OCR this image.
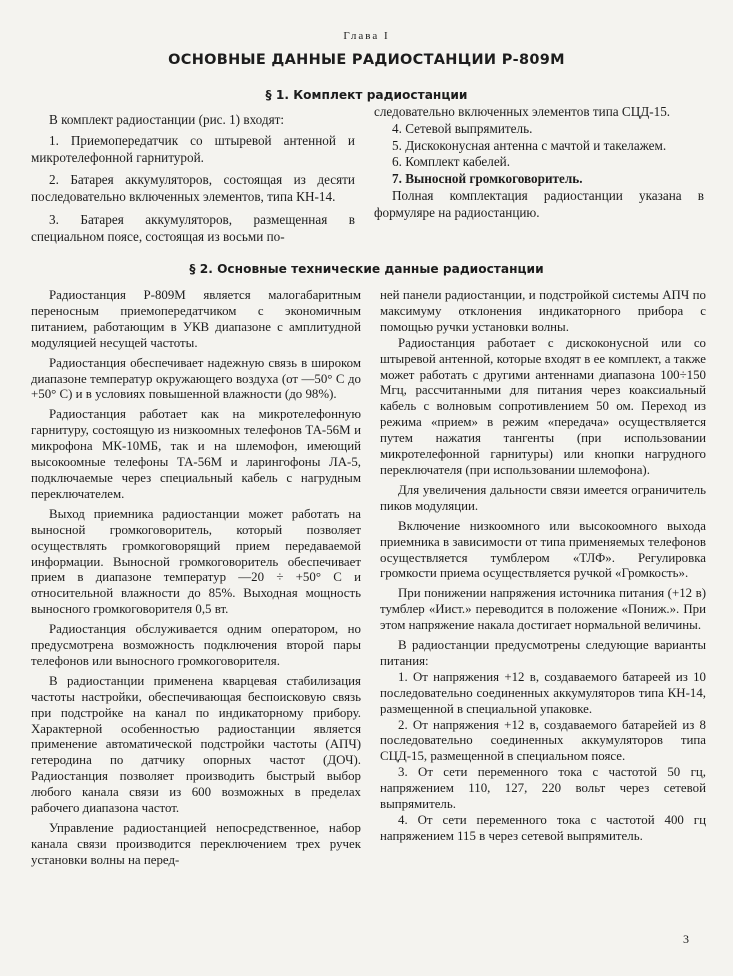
Глава I
ОСНОВНЫЕ ДАННЫЕ РАДИОСТАНЦИИ Р-809М
§ 1. Комплект радиостанции

В комплект радиостанции (рис. 1) входят:

1. Приемопередатчик со штыревой антенной и микротелефонной гарнитурой.

2. Батарея аккумуляторов, состоящая из десяти последовательно включенных элементов, типа КН-14.

3. Батарея аккумуляторов, размещенная в специальном поясе, состоящая из восьми по-

следовательно включенных элементов типа СЦД-15.

4. Сетевой выпрямитель.

5. Дискоконусная антенна с мачтой и такелажем.

6. Комплект кабелей.

7. Выносной громкоговоритель.

Полная комплектация радиостанции указана в формуляре на радиостанцию.

§ 2. Основные технические данные радиостанции

Радиостанция Р-809М является малогабаритным переносным приемопередатчиком с экономичным питанием, работающим в УКВ диапазоне с амплитудной модуляцией несущей частоты.

Радиостанция обеспечивает надежную связь в широком диапазоне температур окружающего воздуха (от —50° С до +50° С) и в условиях повышенной влажности (до 98%).

Радиостанция работает как на микротелефонную гарнитуру, состоящую из низкоомных телефонов ТА-56М и микрофона МК-10МБ, так и на шлемофон, имеющий высокоомные телефоны ТА-56М и ларингофоны ЛА-5, подключаемые через специальный кабель с нагрудным переключателем.

Выход приемника радиостанции может работать на выносной громкоговоритель, который позволяет осуществлять громкоговорящий прием передаваемой информации. Выносной громкоговоритель обеспечивает прием в диапазоне температур —20 ÷ +50° С и относительной влажности до 85%. Выходная мощность выносного громкоговорителя 0,5 вт.

Радиостанция обслуживается одним оператором, но предусмотрена возможность подключения второй пары телефонов или выносного громкоговорителя.

В радиостанции применена кварцевая стабилизация частоты настройки, обеспечивающая беспоисковую связь при подстройке на канал по индикаторному прибору. Характерной особенностью радиостанции является применение автоматической подстройки частоты (АПЧ) гетеродина по датчику опорных частот (ДОЧ). Радиостанция позволяет производить быстрый выбор любого канала связи из 600 возможных в пределах рабочего диапазона частот.

Управление радиостанцией непосредственное, набор канала связи производится переключением трех ручек установки волны на перед-

ней панели радиостанции, и подстройкой системы АПЧ по максимуму отклонения индикаторного прибора с помощью ручки установки волны.

Радиостанция работает с дискоконусной или со штыревой антенной, которые входят в ее комплект, а также может работать с другими антеннами диапазона 100÷150 Мгц, рассчитанными для питания через коаксиальный кабель с волновым сопротивлением 50 ом. Переход из режима «прием» в режим «передача» осуществляется путем нажатия тангенты (при использовании микротелефонной гарнитуры) или кнопки нагрудного переключателя (при использовании шлемофона).

Для увеличения дальности связи имеется ограничитель пиков модуляции.

Включение низкоомного или высокоомного выхода приемника в зависимости от типа применяемых телефонов осуществляется тумблером «ТЛФ». Регулировка громкости приема осуществляется ручкой «Громкость».

При понижении напряжения источника питания (+12 в) тумблер «Иист.» переводится в положение «Пониж.». При этом напряжение накала достигает нормальной величины.

В радиостанции предусмотрены следующие варианты питания:

1. От напряжения +12 в, создаваемого батареей из 10 последовательно соединенных аккумуляторов типа КН-14, размещенной в специальной упаковке.

2. От напряжения +12 в, создаваемого батарейей из 8 последовательно соединенных аккумуляторов типа СЦД-15, размещенной в специальном поясе.

3. От сети переменного тока с частотой 50 гц, напряжением 110, 127, 220 вольт через сетевой выпрямитель.

4. От сети переменного тока с частотой 400 гц напряжением 115 в через сетевой выпрямитель.

3
